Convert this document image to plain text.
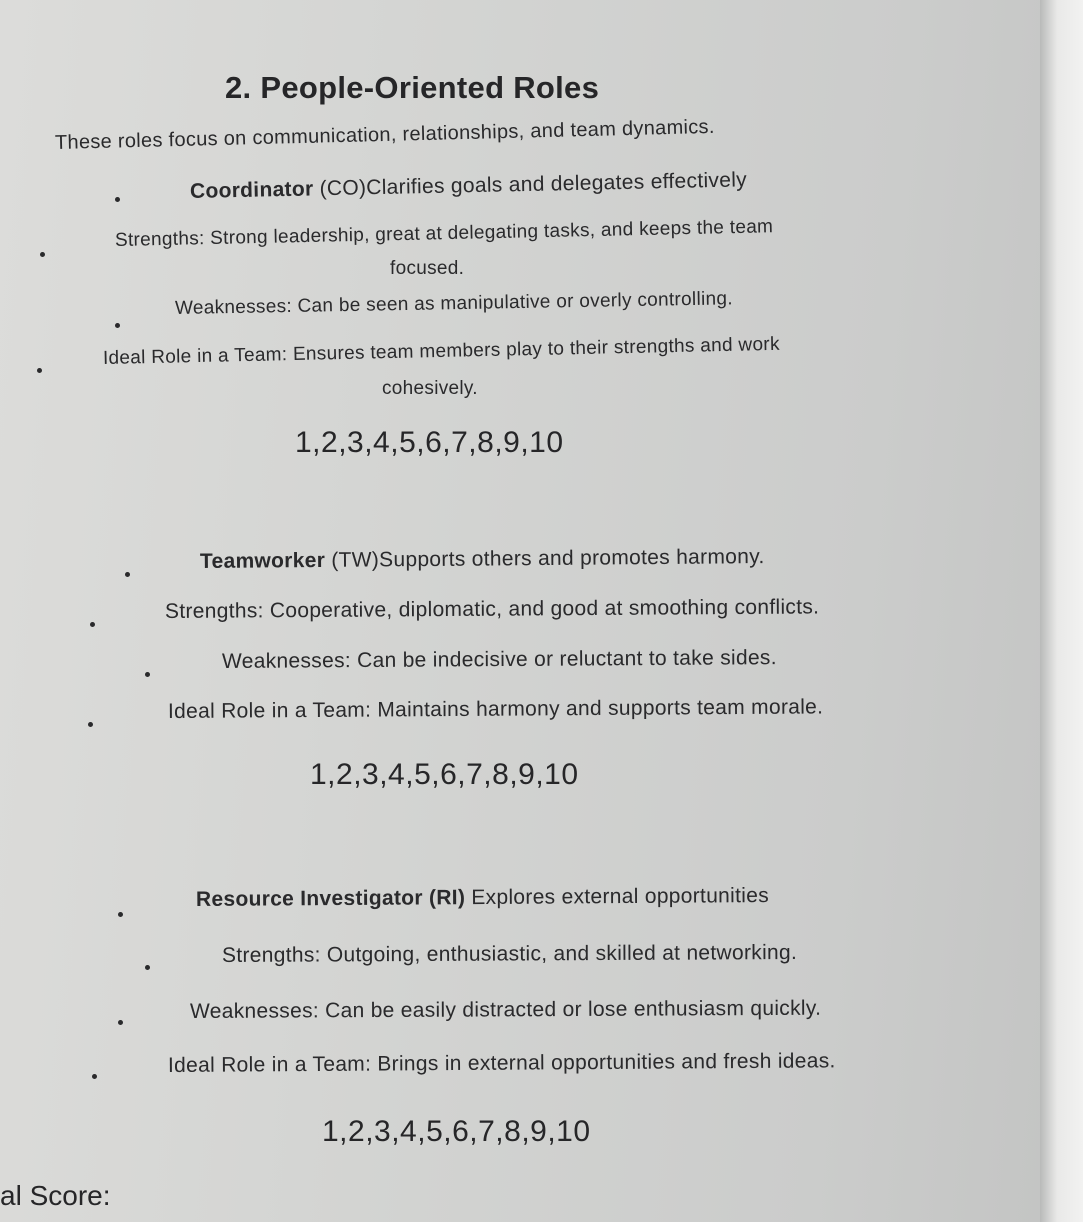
2. People-Oriented Roles
These roles focus on communication, relationships, and team dynamics.
Coordinator (CO)Clarifies goals and delegates effectively
Strengths: Strong leadership, great at delegating tasks, and keeps the team
focused.
Weaknesses: Can be seen as manipulative or overly controlling.
Ideal Role in a Team: Ensures team members play to their strengths and work
cohesively.
1,2,3,4,5,6,7,8,9,10
Teamworker (TW)Supports others and promotes harmony.
Strengths: Cooperative, diplomatic, and good at smoothing conflicts.
Weaknesses: Can be indecisive or reluctant to take sides.
Ideal Role in a Team: Maintains harmony and supports team morale.
1,2,3,4,5,6,7,8,9,10
Resource Investigator (RI) Explores external opportunities
Strengths: Outgoing, enthusiastic, and skilled at networking.
Weaknesses: Can be easily distracted or lose enthusiasm quickly.
Ideal Role in a Team: Brings in external opportunities and fresh ideas.
1,2,3,4,5,6,7,8,9,10
al Score:
